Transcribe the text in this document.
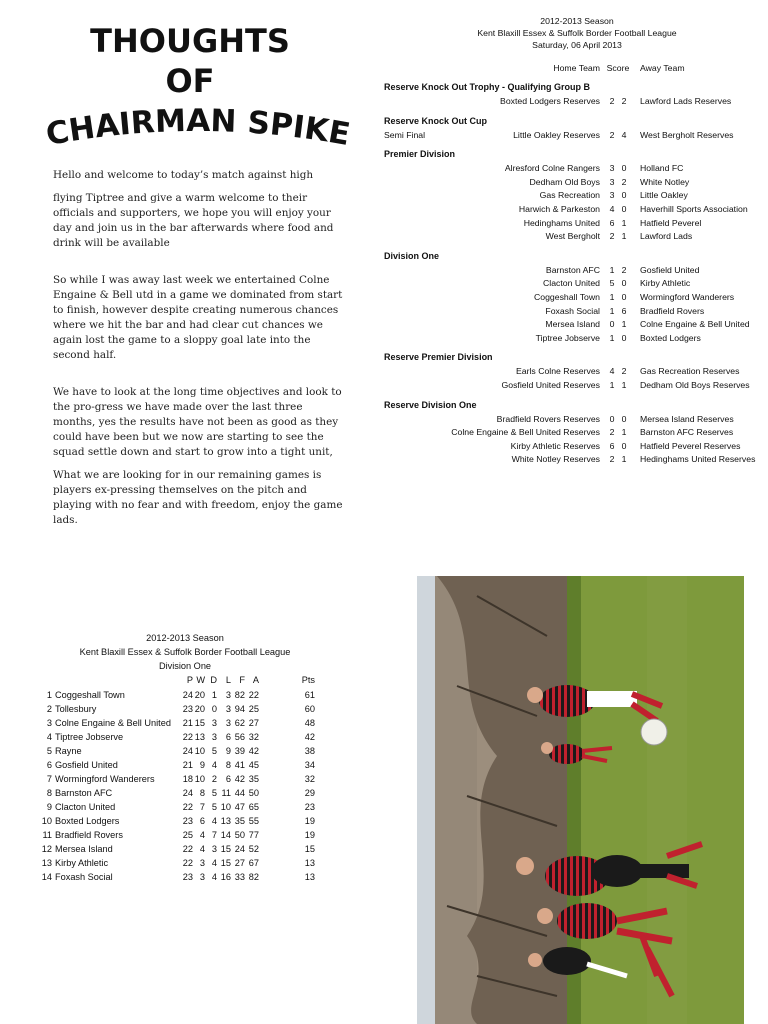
THOUGHTS
OF
CHAIRMAN SPIKE

Hello and welcome to today’s match against high

flying Tiptree and give a warm welcome to their officials and supporters, we hope you will enjoy your day and join us in the bar afterwards where food and drink will be available

So while I was away last week we entertained Colne Engaine & Bell utd in a game we dominated from start to finish, however despite creating numerous chances where we hit the bar and had clear cut chances we again lost the game to a sloppy goal late into the second half.

We have to look at the long time objectives and look to the pro-gress we have made over the last three months, yes the results have not been as good as they could have been but we now are starting to see the squad settle down and start to grow into a tight unit,

What we are looking for in our remaining games is players ex-pressing themselves on the pitch and playing with no fear and with freedom, enjoy the game lads.

2012-2013 Season
Kent Blaxill Essex & Suffolk Border Football League
Saturday, 06 April 2013
Home Team Score	Away Team
Reserve Knock Out Trophy - Qualifying Group B
Boxted Lodgers Reserves	2 2	Lawford Lads Reserves
Reserve Knock Out Cup
Semi Final	Little Oakley Reserves	2 4	West Bergholt Reserves
Premier Division
Alresford Colne Rangers	3 0	Holland FC
Dedham Old Boys	3 2	White Notley
Gas Recreation	3 0	Little Oakley
Harwich & Parkeston	4 0	Haverhill Sports Association
Hedinghams United	6 1	Hatfield Peverel
West Bergholt	2 1	Lawford Lads
Division One
Barnston AFC	1 2	Gosfield United
Clacton United	5 0	Kirby Athletic
Coggeshall Town	1 0	Wormingford Wanderers
Foxash Social	1 6	Bradfield Rovers
Mersea Island	0 1	Colne Engaine & Bell United
Tiptree Jobserve	1 0	Boxted Lodgers
Reserve Premier Division
Earls Colne Reserves	4 2	Gas Recreation Reserves
Gosfield United Reserves	1 1	Dedham Old Boys Reserves
Reserve Division One
Bradfield Rovers Reserves	0 0	Mersea Island Reserves
Colne Engaine & Bell United Reserves	2 1	Barnston AFC Reserves
Kirby Athletic Reserves	6 0	Hatfield Peverel Reserves
White Notley Reserves	2 1	Hedinghams United Reserves
2012-2013 Season
Kent Blaxill Essex & Suffolk Border Football League
Division One
P W D L F A	Pts
1 Coggeshall Town	24 20 1 3 82 22	61
2 Tollesbury	23 20 0 3 94 25	60
3 Colne Engaine & Bell United	21 15 3 3 62 27	48
4 Tiptree Jobserve	22 13 3 6 56 32	42
5 Rayne	24 10 5 9 39 42	38
6 Gosfield United	21 9 4 8 41 45	34
7 Wormingford Wanderers	18 10 2 6 42 35	32
8 Barnston AFC	24 8 5 11 44 50	29
9 Clacton United	22 7 5 10 47 65	23
10 Boxted Lodgers	23 6 4 13 35 55	19
11 Bradfield Rovers	25 4 7 14 50 77	19
12 Mersea Island	22 4 3 15 24 52	15
13 Kirby Athletic	22 3 4 15 27 67	13
14 Foxash Social	23 3 4 16 33 82	13
